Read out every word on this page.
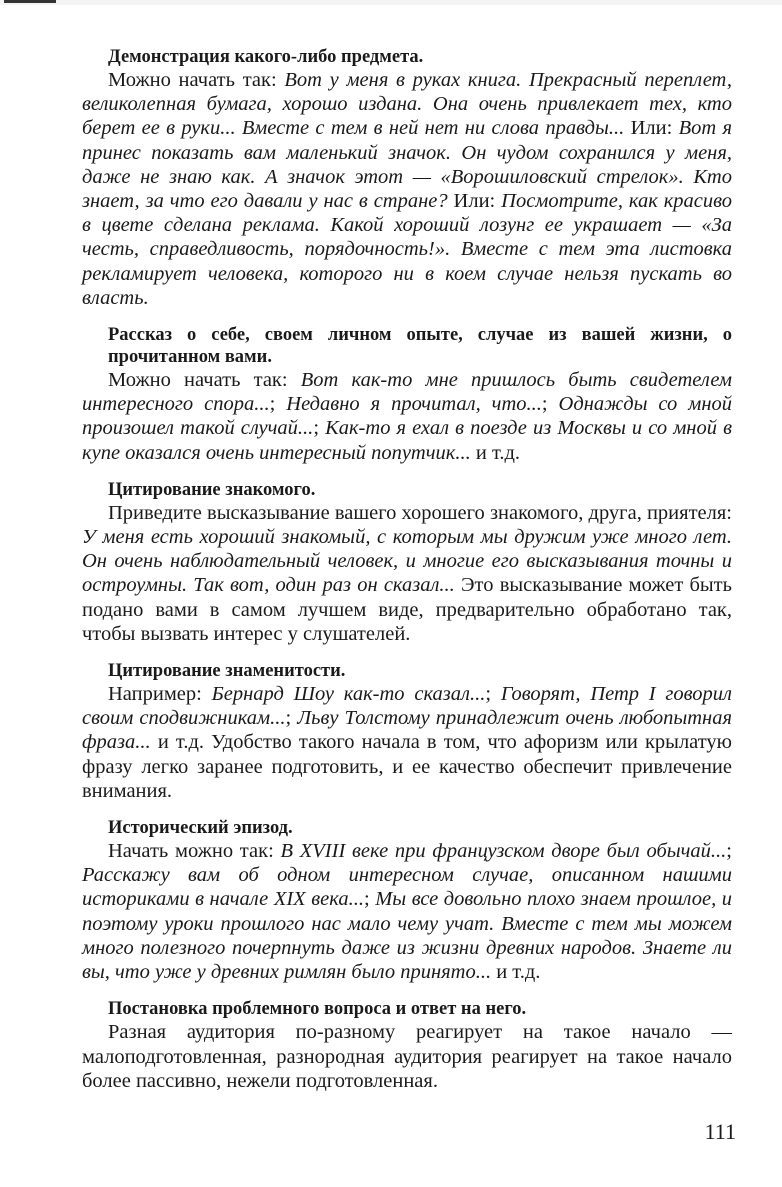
Демонстрация какого-либо предмета.

Можно начать так: Вот у меня в руках книга. Прекрасный переплет, великолепная бумага, хорошо издана. Она очень привлекает тех, кто берет ее в руки... Вместе с тем в ней нет ни слова правды... Или: Вот я принес показать вам маленький значок. Он чудом сохранился у меня, даже не знаю как. А значок этот — «Ворошиловский стрелок». Кто знает, за что его давали у нас в стране? Или: Посмотрите, как красиво в цвете сделана реклама. Какой хороший лозунг ее украшает — «За честь, справедливость, порядочность!». Вместе с тем эта листовка рекламирует человека, которого ни в коем случае нельзя пускать во власть.

Рассказ о себе, своем личном опыте, случае из вашей жизни, о прочитанном вами.

Можно начать так: Вот как-то мне пришлось быть свидетелем интересного спора...; Недавно я прочитал, что...; Однажды со мной произошел такой случай...; Как-то я ехал в поезде из Москвы и со мной в купе оказался очень интересный попутчик... и т.д.

Цитирование знакомого.

Приведите высказывание вашего хорошего знакомого, друга, приятеля: У меня есть хороший знакомый, с которым мы дружим уже много лет. Он очень наблюдательный человек, и многие его высказывания точны и остроумны. Так вот, один раз он сказал... Это высказывание может быть подано вами в самом лучшем виде, предварительно обработано так, чтобы вызвать интерес у слушателей.

Цитирование знаменитости.

Например: Бернард Шоу как-то сказал...; Говорят, Петр I говорил своим сподвижникам...; Льву Толстому принадлежит очень любопытная фраза... и т.д. Удобство такого начала в том, что афоризм или крылатую фразу легко заранее подготовить, и ее качество обеспечит привлечение внимания.

Исторический эпизод.

Начать можно так: В XVIII веке при французском дворе был обычай...; Расскажу вам об одном интересном случае, описанном нашими историками в начале XIX века...; Мы все довольно плохо знаем прошлое, и поэтому уроки прошлого нас мало чему учат. Вместе с тем мы можем много полезного почерпнуть даже из жизни древних народов. Знаете ли вы, что уже у древних римлян было принято... и т.д.

Постановка проблемного вопроса и ответ на него.

Разная аудитория по-разному реагирует на такое начало — малоподготовленная, разнородная аудитория реагирует на такое начало более пассивно, нежели подготовленная.

111
